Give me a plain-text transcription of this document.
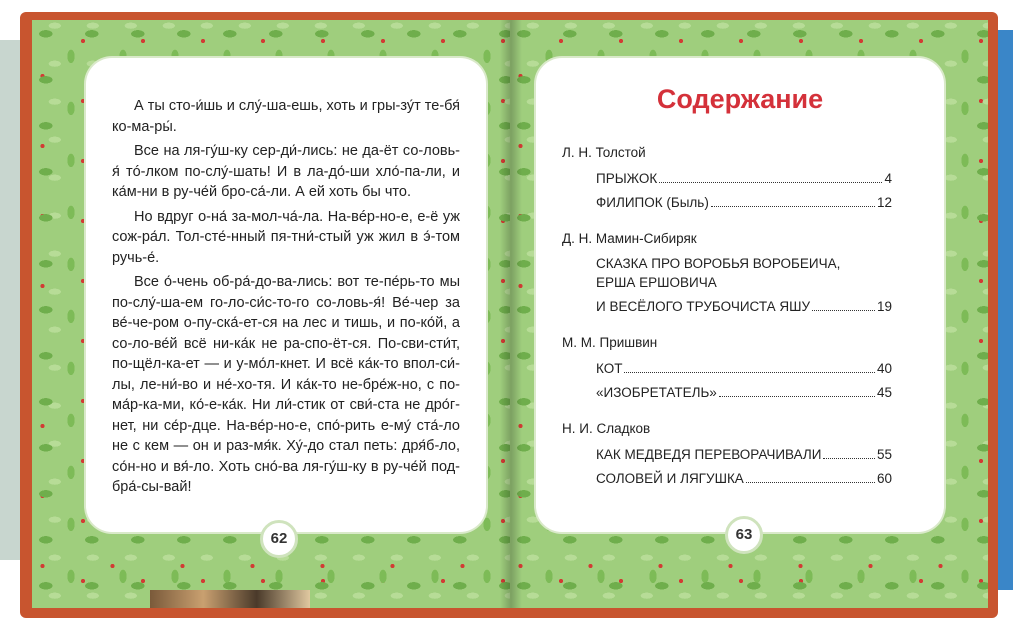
А ты сто-и́шь и слу́-ша-ешь, хоть и гры-зу́т те-бя́ ко-ма-ры́.

Все на ля-гу́ш-ку сер-ди́-лись: не да-ёт со-ловь-я́ тó-лком по-слу́-шать! И в ла-до́-ши хло́-па-ли, и ка́м-ни в ру-че́й бро-са́-ли. А ей хоть бы что.

Но вдруг о-на́ за-мол-ча́-ла. На-вéр-но-е, е-ё уж сож-ра́л. Тол-сте́-нный пя-тни́-стый уж жил в э́-том ручь-е́.

Все о́-чень об-ра́-до-ва-лись: вот те-пе́рь-то мы по-слу́-ша-ем го-ло-си́с-то-го со-ловь-я́! Ве́-чер за ве́-че-ром о-пу-ска́-ет-ся на лес и тишь, и по-ко́й, а со-ло-ве́й всё ни-ка́к не ра-спо-ёт-ся. По-сви-сти́т, по-щёл-ка-ет — и у-мо́л-кнет. И всё ка́к-то впол-си́-лы, ле-ни́-во и не́-хо-тя. И ка́к-то не-бре́ж-но, с по-ма́р-ка-ми, ко́-е-ка́к. Ни ли́-стик от сви́-ста не дро́г-нет, ни се́р-дце. На-ве́р-но-е, спо́-рить е-му́ ста́-ло не с кем — он и раз-мя́к. Ху́-до стал петь: дря́б-ло, со́н-но и вя́-ло. Хоть сно́-ва ля-гу́ш-ку в ру-че́й под-бра́-сы-вай!

62
Содержание
Л. Н. Толстой
ПРЫЖОК	4
ФИЛИПОК (Быль)	12
Д. Н. Мамин-Сибиряк
СКАЗКА ПРО ВОРОБЬЯ ВОРОБЕИЧА,
ЕРША ЕРШОВИЧА
И ВЕСЁЛОГО ТРУБОЧИСТА ЯШУ	19
М. М. Пришвин
КОТ	40
«ИЗОБРЕТАТЕЛЬ»	45
Н. И. Сладков
КАК МЕДВЕДЯ ПЕРЕВОРАЧИВАЛИ	55
СОЛОВЕЙ И ЛЯГУШКА	60
63
